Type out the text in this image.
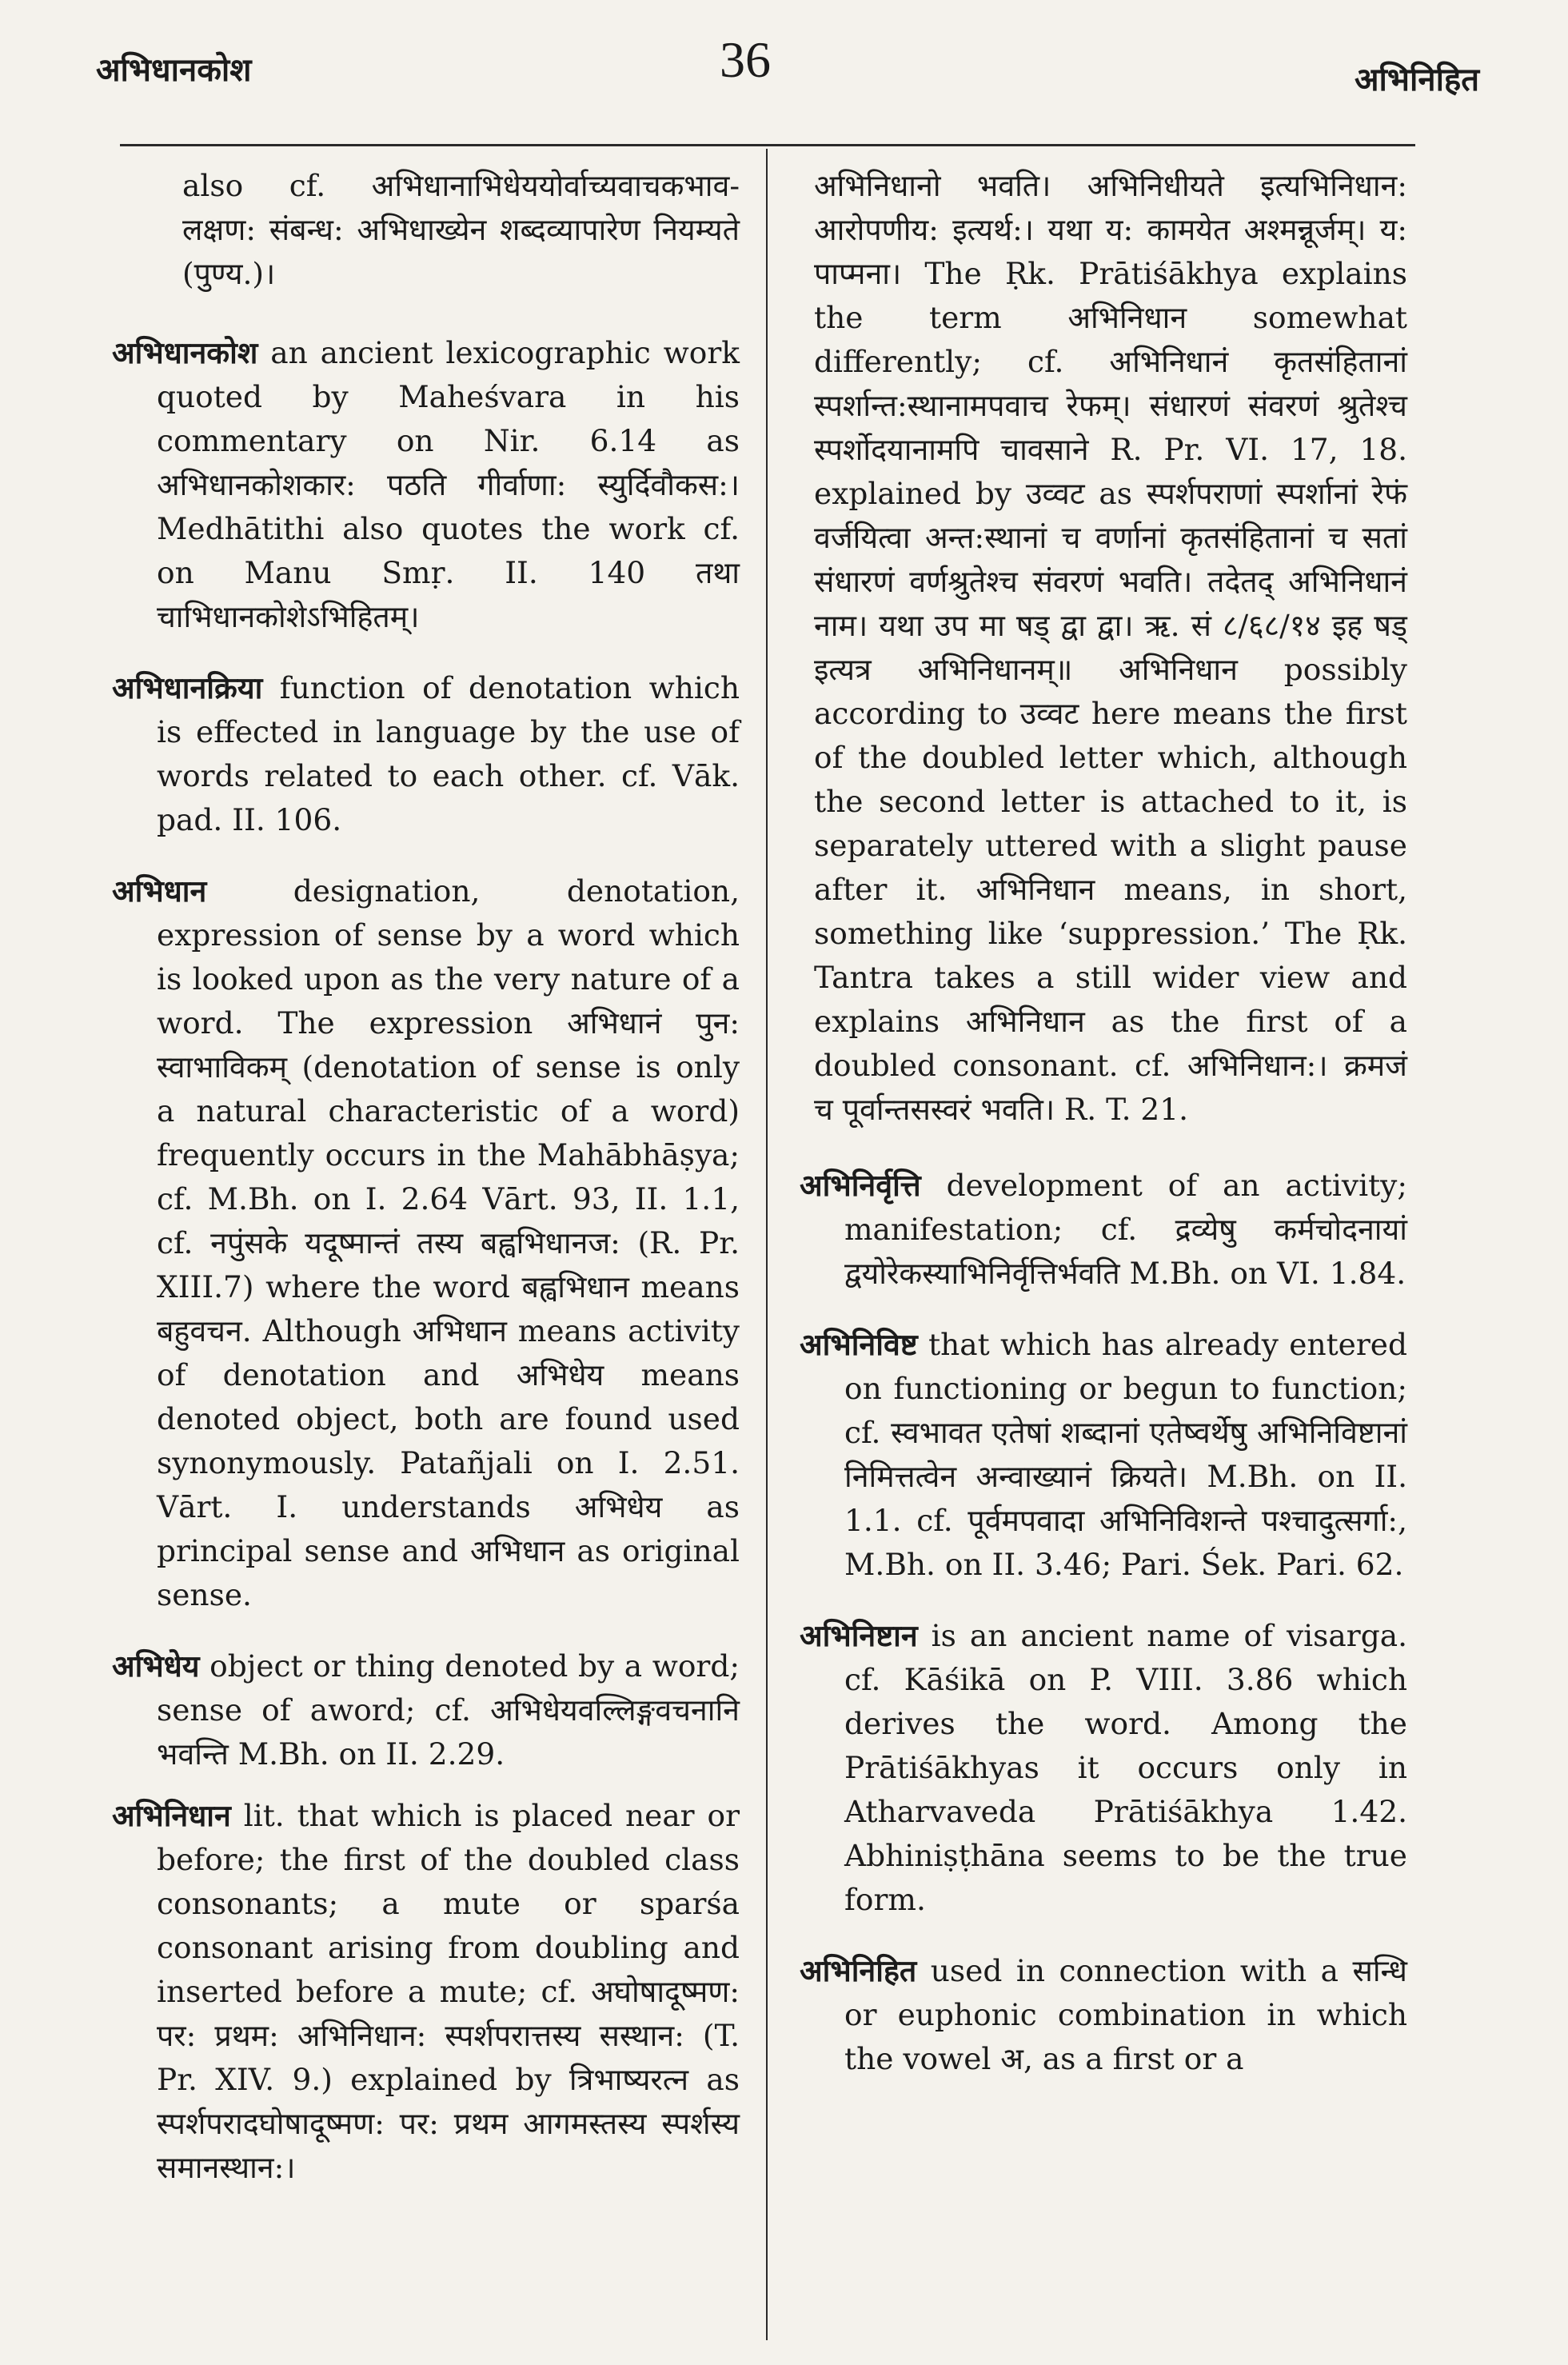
अभिधानकोश	36	अभिनिहित

also cf. अभिधानाभिधेययोर्वाच्यवाचकभाव-लक्षण: संबन्ध: अभिधाख्येन शब्दव्यापारेण नियम्यते (पुण्य.)।

अभिधानकोश an ancient lexicographic work quoted by Maheśvara in his commentary on Nir. 6.14 as अभिधानकोशकार: पठति गीर्वाणा: स्युर्दिवौकस:। Medhātithi also quotes the work cf. on Manu Smṛ. II. 140 तथा चाभिधानकोशेऽभिहितम्।

अभिधानक्रिया function of denotation which is effected in language by the use of words related to each other. cf. Vāk. pad. II. 106.

अभिधान designation, denotation, expression of sense by a word which is looked upon as the very nature of a word. The expression अभिधानं पुन: स्वाभाविकम् (denotation of sense is only a natural characteristic of a word) frequently occurs in the Mahābhāṣya; cf. M.Bh. on I. 2.64 Vārt. 93, II. 1.1, cf. नपुंसके यदूष्मान्तं तस्य बह्वभिधानज: (R. Pr. XIII.7) where the word बह्वभिधान means बहुवचन. Although अभिधान means activity of denotation and अभिधेय means denoted object, both are found used synonymously. Patañjali on I. 2.51. Vārt. I. understands अभिधेय as principal sense and अभिधान as original sense.

अभिधेय object or thing denoted by a word; sense of aword; cf. अभिधेयवल्लिङ्गवचनानि भवन्ति M.Bh. on II. 2.29.

अभिनिधान lit. that which is placed near or before; the first of the doubled class consonants; a mute or sparśa consonant arising from doubling and inserted before a mute; cf. अघोषादूष्मण: पर: प्रथम: अभिनिधान: स्पर्शपरात्तस्य सस्थान: (T. Pr. XIV. 9.) explained by त्रिभाष्यरत्न as स्पर्शपरादघोषादूष्मण: पर: प्रथम आगमस्तस्य स्पर्शस्य समानस्थान:।

अभिनिधानो भवति। अभिनिधीयते इत्यभिनिधान: आरोपणीय: इत्यर्थ:। यथा य: कामयेत अश्मन्नूर्जम्। य: पाप्मना। The Ṛk. Prātiśākhya explains the term अभिनिधान somewhat differently; cf. अभिनिधानं कृतसंहितानां स्पर्शान्त:स्थानामपवाच रेफम्। संधारणं संवरणं श्रुतेश्च स्पर्शोदयानामपि चावसाने R. Pr. VI. 17, 18. explained by उव्वट as स्पर्शपराणां स्पर्शानां रेफं वर्जयित्वा अन्त:स्थानां च वर्णानां कृतसंहितानां च सतां संधारणं वर्णश्रुतेश्च संवरणं भवति। तदेतद् अभिनिधानं नाम। यथा उप मा षड् द्वा द्वा। ऋ. सं ८/६८/१४ इह षड् इत्यत्र अभिनिधानम्॥ अभिनिधान possibly according to उव्वट here means the first of the doubled letter which, although the second letter is attached to it, is separately uttered with a slight pause after it. अभिनिधान means, in short, something like ‘suppression.’ The Ṛk. Tantra takes a still wider view and explains अभिनिधान as the first of a doubled consonant. cf. अभिनिधान:। क्रमजं च पूर्वान्तसस्वरं भवति। R. T. 21.

अभिनिर्वृत्ति development of an activity; manifestation; cf. द्रव्येषु कर्मचोदनायां द्वयोरेकस्याभिनिर्वृत्तिर्भवति M.Bh. on VI. 1.84.

अभिनिविष्ट that which has already entered on functioning or begun to function; cf. स्वभावत एतेषां शब्दानां एतेष्वर्थेषु अभिनिविष्टानां निमित्तत्वेन अन्वाख्यानं क्रियते। M.Bh. on II. 1.1. cf. पूर्वमपवादा अभिनिविशन्ते पश्चादुत्सर्गा:, M.Bh. on II. 3.46; Pari. Śek. Pari. 62.

अभिनिष्टान is an ancient name of visarga. cf. Kāśikā on P. VIII. 3.86 which derives the word. Among the Prātiśākhyas it occurs only in Atharvaveda Prātiśākhya 1.42. Abhiniṣṭhāna seems to be the true form.

अभिनिहित used in connection with a सन्धि or euphonic combination in which the vowel अ, as a first or a
